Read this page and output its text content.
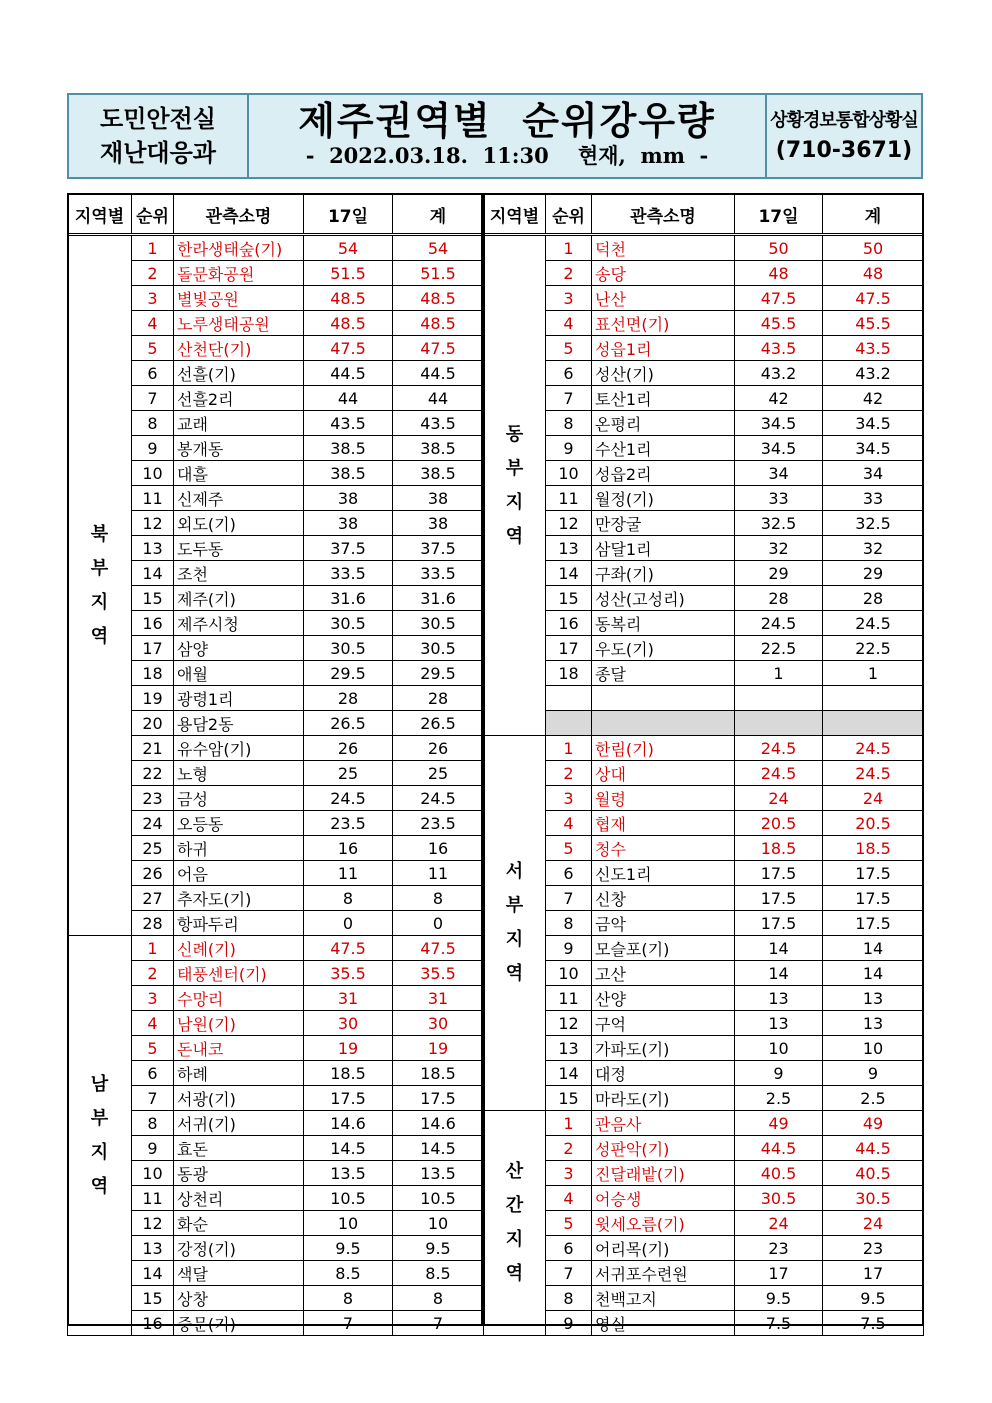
도민안전실
재난대응과
제주권역별  순위강우량
-  2022.03.18.  11:30    현재,  mm  -
상황경보통합상황실
(710-3671)
지역별	순위	관측소명	17일	계

북
부
지
역	1	한라생태숲(기)	54	54
	2	돌문화공원	51.5	51.5
	3	별빛공원	48.5	48.5
	4	노루생태공원	48.5	48.5
	5	산천단(기)	47.5	47.5
	6	선흘(기)	44.5	44.5
	7	선흘2리	44	44
	8	교래	43.5	43.5
	9	봉개동	38.5	38.5
	10	대흘	38.5	38.5
	11	신제주	38	38
	12	외도(기)	38	38
	13	도두동	37.5	37.5
	14	조천	33.5	33.5
	15	제주(기)	31.6	31.6
	16	제주시청	30.5	30.5
	17	삼양	30.5	30.5
	18	애월	29.5	29.5
	19	광령1리	28	28
	20	용담2동	26.5	26.5
	21	유수암(기)	26	26
	22	노형	25	25
	23	금성	24.5	24.5
	24	오등동	23.5	23.5
	25	하귀	16	16
	26	어음	11	11
	27	추자도(기)	8	8
	28	항파두리	0	0

남
부
지
역	1	신례(기)	47.5	47.5
	2	태풍센터(기)	35.5	35.5
	3	수망리	31	31
	4	남원(기)	30	30
	5	돈내코	19	19
	6	하례	18.5	18.5
	7	서광(기)	17.5	17.5
	8	서귀(기)	14.6	14.6
	9	효돈	14.5	14.5
	10	동광	13.5	13.5
	11	상천리	10.5	10.5
	12	화순	10	10
	13	강정(기)	9.5	9.5
	14	색달	8.5	8.5
	15	상창	8	8
	16	중문(기)	7	7
지역별	순위	관측소명	17일	계

동
부
지
역	1	덕천	50	50
	2	송당	48	48
	3	난산	47.5	47.5
	4	표선면(기)	45.5	45.5
	5	성읍1리	43.5	43.5
	6	성산(기)	43.2	43.2
	7	토산1리	42	42
	8	온평리	34.5	34.5
	9	수산1리	34.5	34.5
	10	성읍2리	34	34
	11	월정(기)	33	33
	12	만장굴	32.5	32.5
	13	삼달1리	32	32
	14	구좌(기)	29	29
	15	성산(고성리)	28	28
	16	동복리	24.5	24.5
	17	우도(기)	22.5	22.5
	18	종달	1	1

서
부
지
역	1	한림(기)	24.5	24.5
	2	상대	24.5	24.5
	3	월령	24	24
	4	협재	20.5	20.5
	5	청수	18.5	18.5
	6	신도1리	17.5	17.5
	7	신창	17.5	17.5
	8	금악	17.5	17.5
	9	모슬포(기)	14	14
	10	고산	14	14
	11	산양	13	13
	12	구억	13	13
	13	가파도(기)	10	10
	14	대정	9	9
	15	마라도(기)	2.5	2.5

산
간
지
역	1	관음사	49	49
	2	성판악(기)	44.5	44.5
	3	진달래밭(기)	40.5	40.5
	4	어승생	30.5	30.5
	5	윗세오름(기)	24	24
	6	어리목(기)	23	23
	7	서귀포수련원	17	17
	8	천백고지	9.5	9.5
	9	영실	7.5	7.5
